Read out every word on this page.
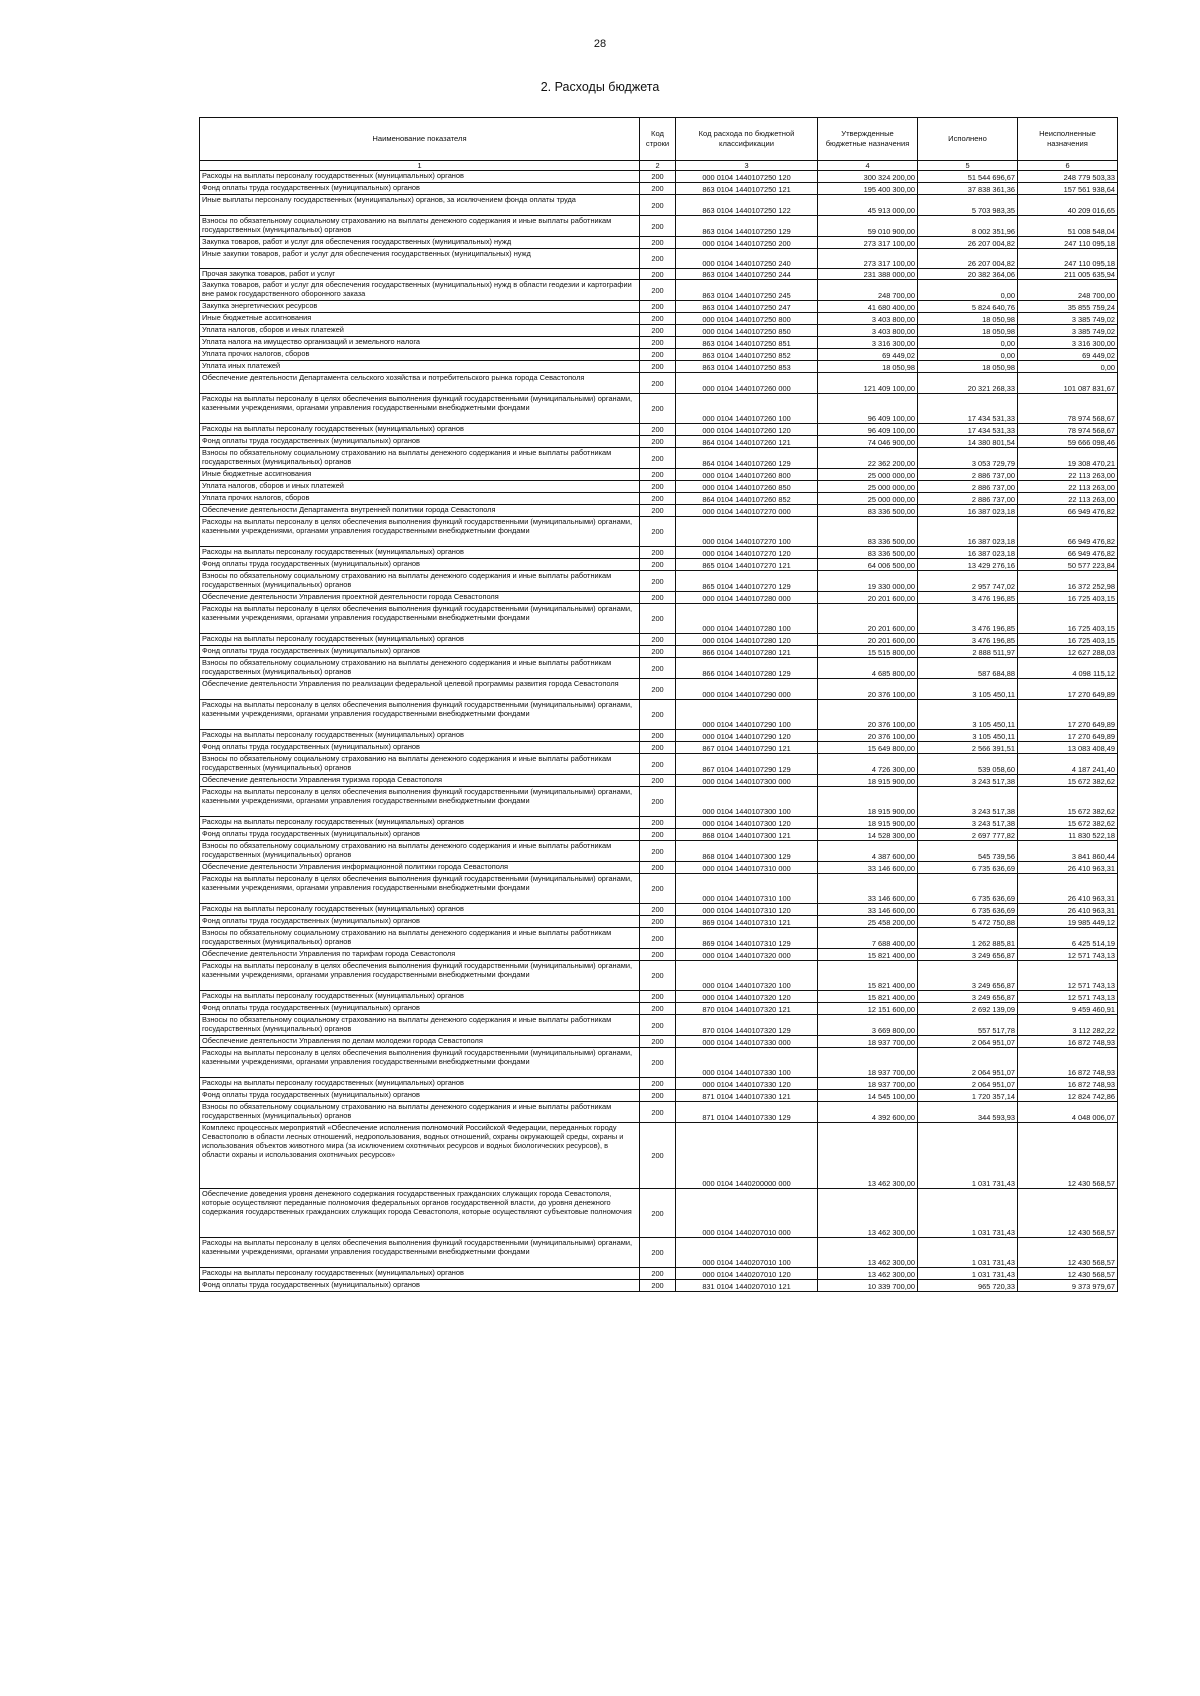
28
2. Расходы бюджета
Наименование показателя	Код строки	Код расхода по бюджетной классификации	Утвержденные бюджетные назначения	Исполнено	Неисполненные назначения
1	2	3	4	5	6
Расходы на выплаты персоналу государственных (муниципальных) органов	200	000 0104 1440107250 120	300 324 200,00	51 544 696,67	248 779 503,33
Фонд оплаты труда государственных (муниципальных) органов	200	863 0104 1440107250 121	195 400 300,00	37 838 361,36	157 561 938,64
Иные выплаты персоналу государственных (муниципальных) органов, за исключением фонда оплаты труда	200	863 0104 1440107250 122	45 913 000,00	5 703 983,35	40 209 016,65
Взносы по обязательному социальному страхованию на выплаты денежного содержания и иные выплаты работникам государственных (муниципальных) органов	200	863 0104 1440107250 129	59 010 900,00	8 002 351,96	51 008 548,04
Закупка товаров, работ и услуг для обеспечения государственных (муниципальных) нужд	200	000 0104 1440107250 200	273 317 100,00	26 207 004,82	247 110 095,18
Иные закупки товаров, работ и услуг для обеспечения государственных (муниципальных) нужд	200	000 0104 1440107250 240	273 317 100,00	26 207 004,82	247 110 095,18
Прочая закупка товаров, работ и услуг	200	863 0104 1440107250 244	231 388 000,00	20 382 364,06	211 005 635,94
Закупка товаров, работ и услуг для обеспечения государственных (муниципальных) нужд в области геодезии и картографии вне рамок государственного оборонного заказа	200	863 0104 1440107250 245	248 700,00	0,00	248 700,00
Закупка энергетических ресурсов	200	863 0104 1440107250 247	41 680 400,00	5 824 640,76	35 855 759,24
Иные бюджетные ассигнования	200	000 0104 1440107250 800	3 403 800,00	18 050,98	3 385 749,02
Уплата налогов, сборов и иных платежей	200	000 0104 1440107250 850	3 403 800,00	18 050,98	3 385 749,02
Уплата налога на имущество организаций и земельного налога	200	863 0104 1440107250 851	3 316 300,00	0,00	3 316 300,00
Уплата прочих налогов, сборов	200	863 0104 1440107250 852	69 449,02	0,00	69 449,02
Уплата иных платежей	200	863 0104 1440107250 853	18 050,98	18 050,98	0,00
Обеспечение деятельности Департамента сельского хозяйства и потребительского рынка города Севастополя	200	000 0104 1440107260 000	121 409 100,00	20 321 268,33	101 087 831,67
Расходы на выплаты персоналу в целях обеспечения выполнения функций государственными (муниципальными) органами, казенными учреждениями, органами управления государственными внебюджетными фондами	200	000 0104 1440107260 100	96 409 100,00	17 434 531,33	78 974 568,67
Расходы на выплаты персоналу государственных (муниципальных) органов	200	000 0104 1440107260 120	96 409 100,00	17 434 531,33	78 974 568,67
Фонд оплаты труда государственных (муниципальных) органов	200	864 0104 1440107260 121	74 046 900,00	14 380 801,54	59 666 098,46
Взносы по обязательному социальному страхованию на выплаты денежного содержания и иные выплаты работникам государственных (муниципальных) органов	200	864 0104 1440107260 129	22 362 200,00	3 053 729,79	19 308 470,21
Иные бюджетные ассигнования	200	000 0104 1440107260 800	25 000 000,00	2 886 737,00	22 113 263,00
Уплата налогов, сборов и иных платежей	200	000 0104 1440107260 850	25 000 000,00	2 886 737,00	22 113 263,00
Уплата прочих налогов, сборов	200	864 0104 1440107260 852	25 000 000,00	2 886 737,00	22 113 263,00
Обеспечение деятельности Департамента внутренней политики города Севастополя	200	000 0104 1440107270 000	83 336 500,00	16 387 023,18	66 949 476,82
Расходы на выплаты персоналу в целях обеспечения выполнения функций государственными (муниципальными) органами, казенными учреждениями, органами управления государственными внебюджетными фондами	200	000 0104 1440107270 100	83 336 500,00	16 387 023,18	66 949 476,82
Расходы на выплаты персоналу государственных (муниципальных) органов	200	000 0104 1440107270 120	83 336 500,00	16 387 023,18	66 949 476,82
Фонд оплаты труда государственных (муниципальных) органов	200	865 0104 1440107270 121	64 006 500,00	13 429 276,16	50 577 223,84
Взносы по обязательному социальному страхованию на выплаты денежного содержания и иные выплаты работникам государственных (муниципальных) органов	200	865 0104 1440107270 129	19 330 000,00	2 957 747,02	16 372 252,98
Обеспечение деятельности Управления проектной деятельности города Севастополя	200	000 0104 1440107280 000	20 201 600,00	3 476 196,85	16 725 403,15
Расходы на выплаты персоналу в целях обеспечения выполнения функций государственными (муниципальными) органами, казенными учреждениями, органами управления государственными внебюджетными фондами	200	000 0104 1440107280 100	20 201 600,00	3 476 196,85	16 725 403,15
Расходы на выплаты персоналу государственных (муниципальных) органов	200	000 0104 1440107280 120	20 201 600,00	3 476 196,85	16 725 403,15
Фонд оплаты труда государственных (муниципальных) органов	200	866 0104 1440107280 121	15 515 800,00	2 888 511,97	12 627 288,03
Взносы по обязательному социальному страхованию на выплаты денежного содержания и иные выплаты работникам государственных (муниципальных) органов	200	866 0104 1440107280 129	4 685 800,00	587 684,88	4 098 115,12
Обеспечение деятельности Управления по реализации федеральной целевой программы развития города Севастополя	200	000 0104 1440107290 000	20 376 100,00	3 105 450,11	17 270 649,89
Расходы на выплаты персоналу в целях обеспечения выполнения функций государственными (муниципальными) органами, казенными учреждениями, органами управления государственными внебюджетными фондами	200	000 0104 1440107290 100	20 376 100,00	3 105 450,11	17 270 649,89
Расходы на выплаты персоналу государственных (муниципальных) органов	200	000 0104 1440107290 120	20 376 100,00	3 105 450,11	17 270 649,89
Фонд оплаты труда государственных (муниципальных) органов	200	867 0104 1440107290 121	15 649 800,00	2 566 391,51	13 083 408,49
Взносы по обязательному социальному страхованию на выплаты денежного содержания и иные выплаты работникам государственных (муниципальных) органов	200	867 0104 1440107290 129	4 726 300,00	539 058,60	4 187 241,40
Обеспечение деятельности Управления туризма города Севастополя	200	000 0104 1440107300 000	18 915 900,00	3 243 517,38	15 672 382,62
Расходы на выплаты персоналу в целях обеспечения выполнения функций государственными (муниципальными) органами, казенными учреждениями, органами управления государственными внебюджетными фондами	200	000 0104 1440107300 100	18 915 900,00	3 243 517,38	15 672 382,62
Расходы на выплаты персоналу государственных (муниципальных) органов	200	000 0104 1440107300 120	18 915 900,00	3 243 517,38	15 672 382,62
Фонд оплаты труда государственных (муниципальных) органов	200	868 0104 1440107300 121	14 528 300,00	2 697 777,82	11 830 522,18
Взносы по обязательному социальному страхованию на выплаты денежного содержания и иные выплаты работникам государственных (муниципальных) органов	200	868 0104 1440107300 129	4 387 600,00	545 739,56	3 841 860,44
Обеспечение деятельности Управления информационной политики города Севастополя	200	000 0104 1440107310 000	33 146 600,00	6 735 636,69	26 410 963,31
Расходы на выплаты персоналу в целях обеспечения выполнения функций государственными (муниципальными) органами, казенными учреждениями, органами управления государственными внебюджетными фондами	200	000 0104 1440107310 100	33 146 600,00	6 735 636,69	26 410 963,31
Расходы на выплаты персоналу государственных (муниципальных) органов	200	000 0104 1440107310 120	33 146 600,00	6 735 636,69	26 410 963,31
Фонд оплаты труда государственных (муниципальных) органов	200	869 0104 1440107310 121	25 458 200,00	5 472 750,88	19 985 449,12
Взносы по обязательному социальному страхованию на выплаты денежного содержания и иные выплаты работникам государственных (муниципальных) органов	200	869 0104 1440107310 129	7 688 400,00	1 262 885,81	6 425 514,19
Обеспечение деятельности Управления по тарифам города Севастополя	200	000 0104 1440107320 000	15 821 400,00	3 249 656,87	12 571 743,13
Расходы на выплаты персоналу в целях обеспечения выполнения функций государственными (муниципальными) органами, казенными учреждениями, органами управления государственными внебюджетными фондами	200	000 0104 1440107320 100	15 821 400,00	3 249 656,87	12 571 743,13
Расходы на выплаты персоналу государственных (муниципальных) органов	200	000 0104 1440107320 120	15 821 400,00	3 249 656,87	12 571 743,13
Фонд оплаты труда государственных (муниципальных) органов	200	870 0104 1440107320 121	12 151 600,00	2 692 139,09	9 459 460,91
Взносы по обязательному социальному страхованию на выплаты денежного содержания и иные выплаты работникам государственных (муниципальных) органов	200	870 0104 1440107320 129	3 669 800,00	557 517,78	3 112 282,22
Обеспечение деятельности Управления по делам молодежи города Севастополя	200	000 0104 1440107330 000	18 937 700,00	2 064 951,07	16 872 748,93
Расходы на выплаты персоналу в целях обеспечения выполнения функций государственными (муниципальными) органами, казенными учреждениями, органами управления государственными внебюджетными фондами	200	000 0104 1440107330 100	18 937 700,00	2 064 951,07	16 872 748,93
Расходы на выплаты персоналу государственных (муниципальных) органов	200	000 0104 1440107330 120	18 937 700,00	2 064 951,07	16 872 748,93
Фонд оплаты труда государственных (муниципальных) органов	200	871 0104 1440107330 121	14 545 100,00	1 720 357,14	12 824 742,86
Взносы по обязательному социальному страхованию на выплаты денежного содержания и иные выплаты работникам государственных (муниципальных) органов	200	871 0104 1440107330 129	4 392 600,00	344 593,93	4 048 006,07
Комплекс процессных мероприятий «Обеспечение исполнения полномочий Российской Федерации, переданных городу Севастополю в области лесных отношений, недропользования, водных отношений, охраны окружающей среды, охраны и использования объектов животного мира (за исключением охотничьих ресурсов и водных биологических ресурсов), в области охраны и использования охотничьих ресурсов»	200	000 0104 1440200000 000	13 462 300,00	1 031 731,43	12 430 568,57
Обеспечение доведения уровня денежного содержания государственных гражданских служащих города Севастополя, которые осуществляют переданные полномочия федеральных органов государственной власти, до уровня денежного содержания государственных гражданских служащих города Севастополя, которые осуществляют субъектовые полномочия	200	000 0104 1440207010 000	13 462 300,00	1 031 731,43	12 430 568,57
Расходы на выплаты персоналу в целях обеспечения выполнения функций государственными (муниципальными) органами, казенными учреждениями, органами управления государственными внебюджетными фондами	200	000 0104 1440207010 100	13 462 300,00	1 031 731,43	12 430 568,57
Расходы на выплаты персоналу государственных (муниципальных) органов	200	000 0104 1440207010 120	13 462 300,00	1 031 731,43	12 430 568,57
Фонд оплаты труда государственных (муниципальных) органов	200	831 0104 1440207010 121	10 339 700,00	965 720,33	9 373 979,67
